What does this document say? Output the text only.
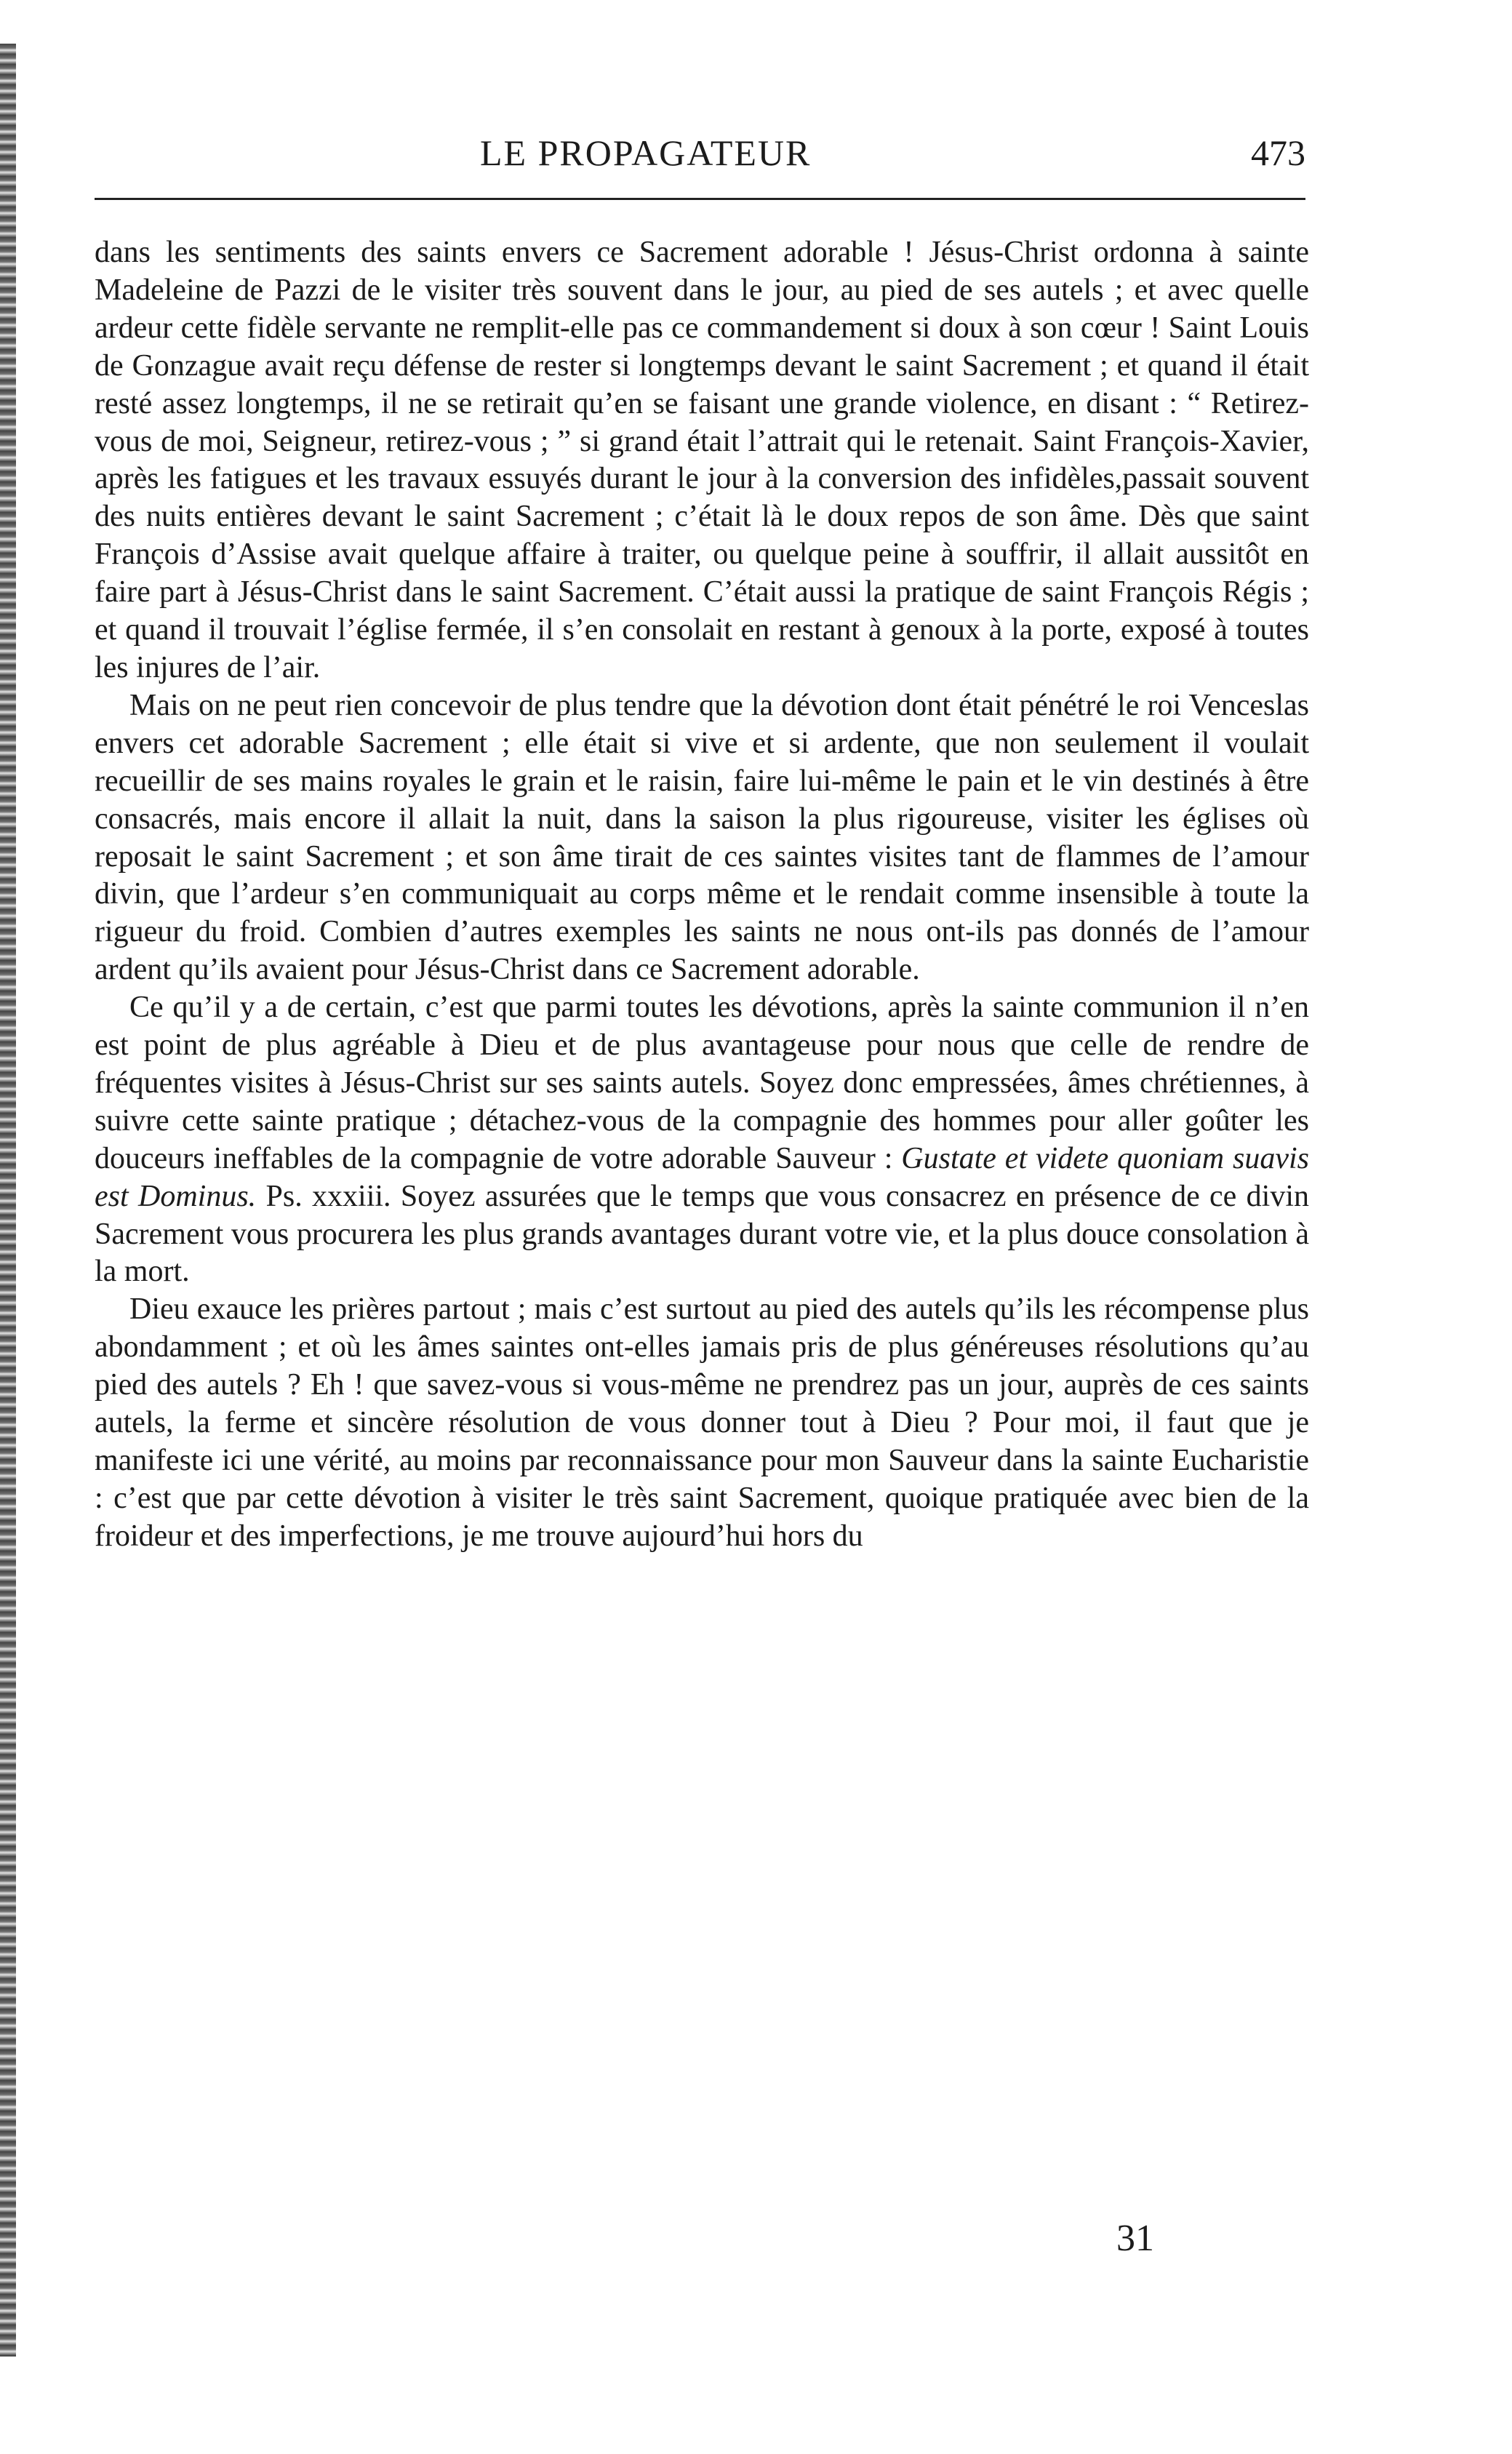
LE PROPAGATEUR	473

dans les sentiments des saints envers ce Sacrement adorable ! Jésus-Christ ordonna à sainte Madeleine de Pazzi de le visiter très souvent dans le jour, au pied de ses autels ; et avec quelle ardeur cette fidèle servante ne remplit-elle pas ce commandement si doux à son cœur ! Saint Louis de Gonzague avait reçu défense de rester si longtemps devant le saint Sacrement ; et quand il était resté assez longtemps, il ne se retirait qu’en se faisant une grande violence, en disant : “ Retirez-vous de moi, Seigneur, retirez-vous ; ” si grand était l’attrait qui le retenait. Saint François-Xavier, après les fatigues et les travaux essuyés durant le jour à la conversion des infidèles,passait souvent des nuits entières devant le saint Sacrement ; c’était là le doux repos de son âme. Dès que saint François d’Assise avait quelque affaire à traiter, ou quelque peine à souffrir, il allait aussitôt en faire part à Jésus-Christ dans le saint Sacrement. C’était aussi la pratique de saint François Régis ; et quand il trouvait l’église fermée, il s’en consolait en restant à genoux à la porte, exposé à toutes les injures de l’air.

Mais on ne peut rien concevoir de plus tendre que la dévotion dont était pénétré le roi Venceslas envers cet adorable Sacrement ; elle était si vive et si ardente, que non seulement il voulait recueillir de ses mains royales le grain et le raisin, faire lui-même le pain et le vin destinés à être consacrés, mais encore il allait la nuit, dans la saison la plus rigoureuse, visiter les églises où reposait le saint Sacrement ; et son âme tirait de ces saintes visites tant de flammes de l’amour divin, que l’ardeur s’en communiquait au corps même et le rendait comme insensible à toute la rigueur du froid. Combien d’autres exemples les saints ne nous ont-ils pas donnés de l’amour ardent qu’ils avaient pour Jésus-Christ dans ce Sacrement adorable.

Ce qu’il y a de certain, c’est que parmi toutes les dévotions, après la sainte communion il n’en est point de plus agréable à Dieu et de plus avantageuse pour nous que celle de rendre de fréquentes visites à Jésus-Christ sur ses saints autels. Soyez donc empressées, âmes chrétiennes, à suivre cette sainte pratique ; détachez-vous de la compagnie des hommes pour aller goûter les douceurs ineffables de la compagnie de votre adorable Sauveur : Gustate et videte quoniam suavis est Dominus. Ps. xxxiii. Soyez assurées que le temps que vous consacrez en présence de ce divin Sacrement vous procurera les plus grands avantages durant votre vie, et la plus douce consolation à la mort.

Dieu exauce les prières partout ; mais c’est surtout au pied des autels qu’ils les récompense plus abondamment ; et où les âmes saintes ont-elles jamais pris de plus généreuses résolutions qu’au pied des autels ? Eh ! que savez-vous si vous-même ne prendrez pas un jour, auprès de ces saints autels, la ferme et sincère résolution de vous donner tout à Dieu ? Pour moi, il faut que je manifeste ici une vérité, au moins par reconnaissance pour mon Sauveur dans la sainte Eucharistie : c’est que par cette dévotion à visiter le très saint Sacrement, quoique pratiquée avec bien de la froideur et des imperfections, je me trouve aujourd’hui hors du

31
